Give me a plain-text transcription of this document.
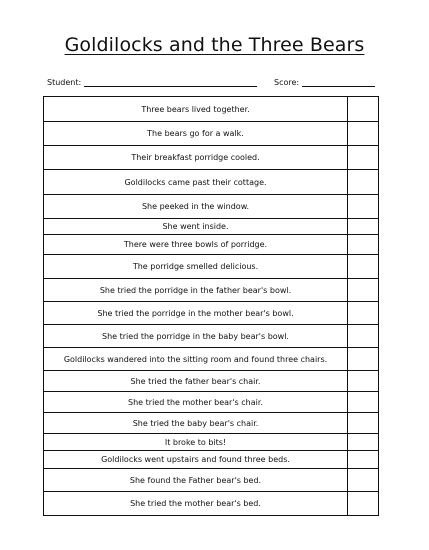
Goldilocks and the Three Bears
Student:	Score:
Three bears lived together.	
The bears go for a walk.	
Their breakfast porridge cooled.	
Goldilocks came past their cottage.	
She peeked in the window.	
She went inside.	
There were three bowls of porridge.	
The porridge smelled delicious.	
She tried the porridge in the father bear's bowl.	
She tried the porridge in the mother bear's bowl.	
She tried the porridge in the baby bear's bowl.	
Goldilocks wandered into the sitting room and found three chairs.	
She tried the father bear's chair.	
She tried the mother bear's chair.	
She tried the baby bear's chair.	
It broke to bits!	
Goldilocks went upstairs and found three beds.	
She found the Father bear's bed.	
She tried the mother bear's bed.	
